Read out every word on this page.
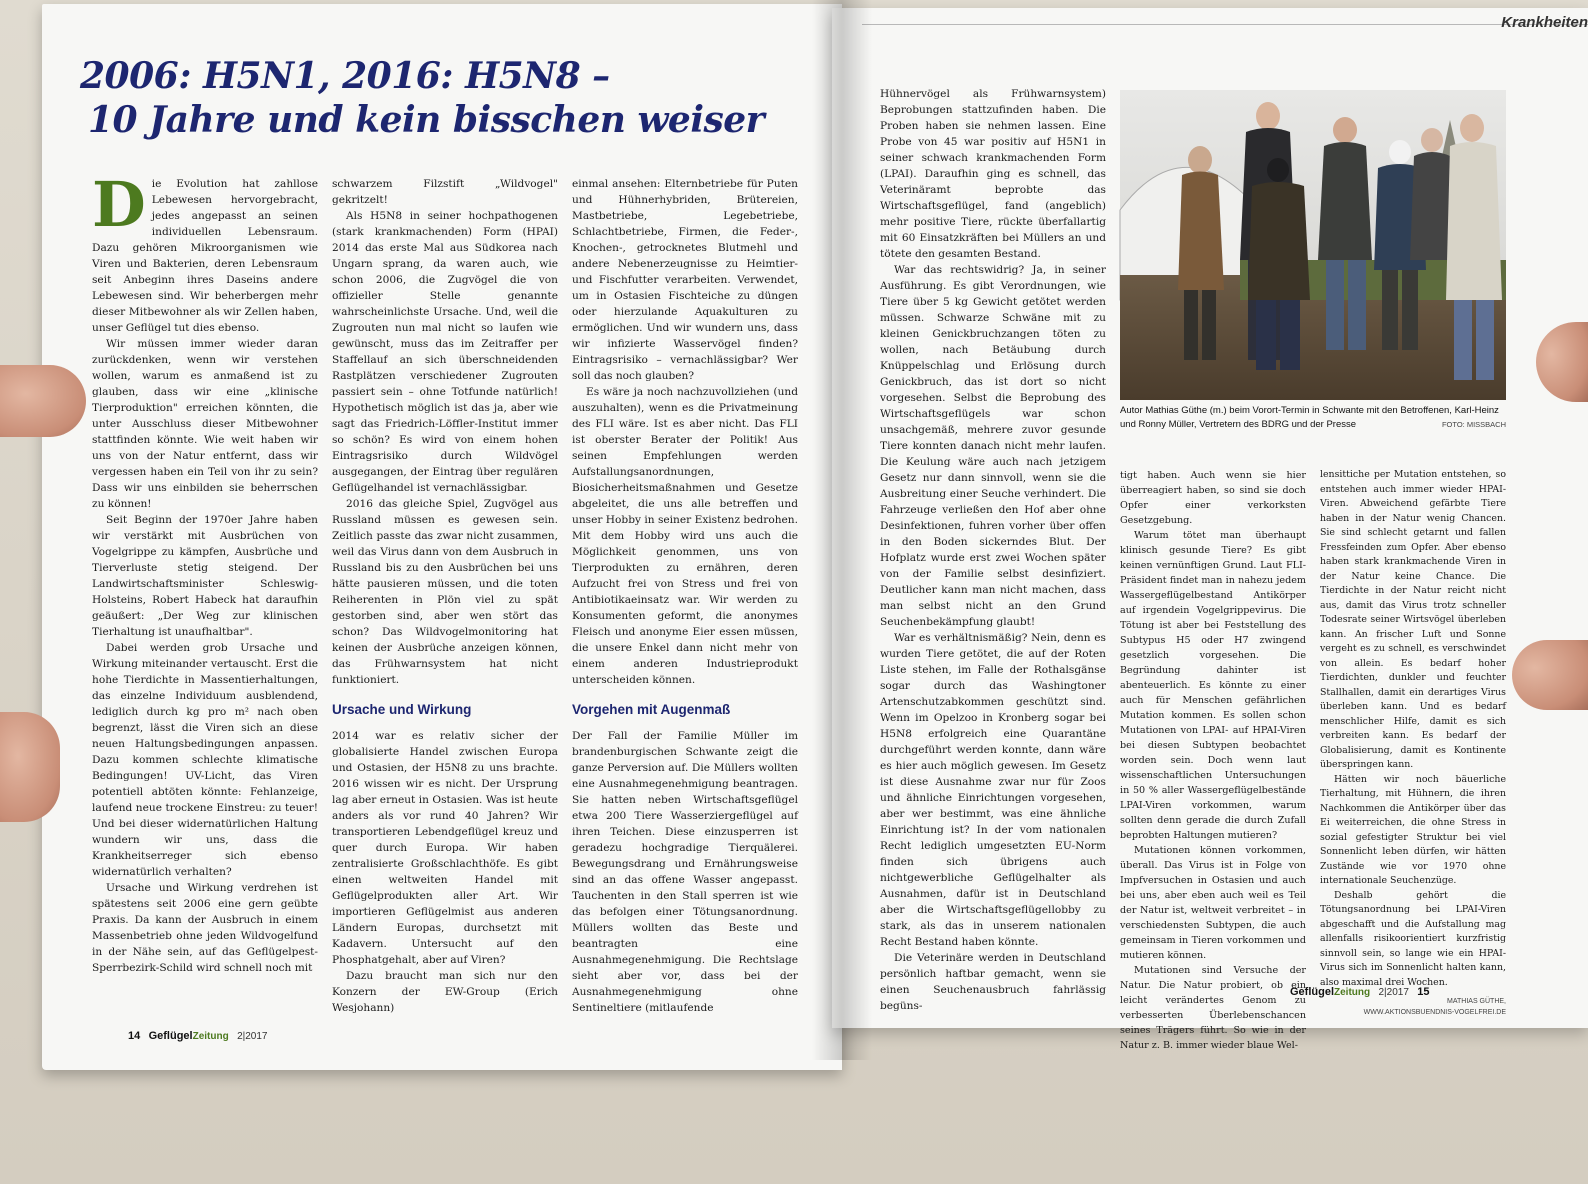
2006: H5N1, 2016: H5N8 –
10 Jahre und kein bisschen weiser

Die Evolution hat zahllose Lebewesen hervorgebracht, jedes angepasst an seinen individuellen Lebensraum. Dazu gehören Mikroorganismen wie Viren und Bakterien, deren Lebensraum seit Anbeginn ihres Daseins andere Lebewesen sind. Wir beherbergen mehr dieser Mitbewohner als wir Zellen haben, unser Geflügel tut dies ebenso.

Wir müssen immer wieder daran zurückdenken, wenn wir verstehen wollen, warum es anmaßend ist zu glauben, dass wir eine „klinische Tierproduktion" erreichen könnten, die unter Ausschluss dieser Mitbewohner stattfinden könnte. Wie weit haben wir uns von der Natur entfernt, dass wir vergessen haben ein Teil von ihr zu sein? Dass wir uns einbilden sie beherrschen zu können!

Seit Beginn der 1970er Jahre haben wir verstärkt mit Ausbrüchen von Vogelgrippe zu kämpfen, Ausbrüche und Tierverluste stetig steigend. Der Landwirtschaftsminister Schleswig-Holsteins, Robert Habeck hat daraufhin geäußert: „Der Weg zur klinischen Tierhaltung ist unaufhaltbar".

Dabei werden grob Ursache und Wirkung miteinander vertauscht. Erst die hohe Tierdichte in Massentierhaltungen, das einzelne Individuum ausblendend, lediglich durch kg pro m² nach oben begrenzt, lässt die Viren sich an diese neuen Haltungsbedingungen anpassen. Dazu kommen schlechte klimatische Bedingungen! UV-Licht, das Viren potentiell abtöten könnte: Fehlanzeige, laufend neue trockene Einstreu: zu teuer! Und bei dieser widernatürlichen Haltung wundern wir uns, dass die Krankheitserreger sich ebenso widernatürlich verhalten?

Ursache und Wirkung verdrehen ist spätestens seit 2006 eine gern geübte Praxis. Da kann der Ausbruch in einem Massenbetrieb ohne jeden Wildvogelfund in der Nähe sein, auf das Geflügelpest-Sperrbezirk-Schild wird schnell noch mit

schwarzem Filzstift „Wildvogel" gekritzelt!

Als H5N8 in seiner hochpathogenen (stark krankmachenden) Form (HPAI) 2014 das erste Mal aus Südkorea nach Ungarn sprang, da waren auch, wie schon 2006, die Zugvögel die von offizieller Stelle genannte wahrscheinlichste Ursache. Und, weil die Zugrouten nun mal nicht so laufen wie gewünscht, muss das im Zeitraffer per Staffellauf an sich überschneidenden Rastplätzen verschiedener Zugrouten passiert sein – ohne Totfunde natürlich! Hypothetisch möglich ist das ja, aber wie sagt das Friedrich-Löffler-Institut immer so schön? Es wird von einem hohen Eintragsrisiko durch Wildvögel ausgegangen, der Eintrag über regulären Geflügelhandel ist vernachlässigbar.

2016 das gleiche Spiel, Zugvögel aus Russland müssen es gewesen sein. Zeitlich passte das zwar nicht zusammen, weil das Virus dann von dem Ausbruch in Russland bis zu den Ausbrüchen bei uns hätte pausieren müssen, und die toten Reiherenten in Plön viel zu spät gestorben sind, aber wen stört das schon? Das Wildvogelmonitoring hat keinen der Ausbrüche anzeigen können, das Frühwarnsystem hat nicht funktioniert.

Ursache und Wirkung

2014 war es relativ sicher der globalisierte Handel zwischen Europa und Ostasien, der H5N8 zu uns brachte. 2016 wissen wir es nicht. Der Ursprung lag aber erneut in Ostasien. Was ist heute anders als vor rund 40 Jahren? Wir transportieren Lebendgeflügel kreuz und quer durch Europa. Wir haben zentralisierte Großschlachthöfe. Es gibt einen weltweiten Handel mit Geflügelprodukten aller Art. Wir importieren Geflügelmist aus anderen Ländern Europas, durchsetzt mit Kadavern. Untersucht auf den Phosphatgehalt, aber auf Viren?

Dazu braucht man sich nur den Konzern der EW-Group (Erich Wesjohann)

einmal ansehen: Elternbetriebe für Puten und Hühnerhybriden, Brütereien, Mastbetriebe, Legebetriebe, Schlachtbetriebe, Firmen, die Feder-, Knochen-, getrocknetes Blutmehl und andere Nebenerzeugnisse zu Heimtier- und Fischfutter verarbeiten. Verwendet, um in Ostasien Fischteiche zu düngen oder hierzulande Aquakulturen zu ermöglichen. Und wir wundern uns, dass wir infizierte Wasservögel finden? Eintragsrisiko – vernachlässigbar? Wer soll das noch glauben?

Es wäre ja noch nachzuvollziehen (und auszuhalten), wenn es die Privatmeinung des FLI wäre. Ist es aber nicht. Das FLI ist oberster Berater der Politik! Aus seinen Empfehlungen werden Aufstallungsanordnungen, Biosicherheitsmaßnahmen und Gesetze abgeleitet, die uns alle betreffen und unser Hobby in seiner Existenz bedrohen. Mit dem Hobby wird uns auch die Möglichkeit genommen, uns von Tierprodukten zu ernähren, deren Aufzucht frei von Stress und frei von Antibiotikaeinsatz war. Wir werden zu Konsumenten geformt, die anonymes Fleisch und anonyme Eier essen müssen, die unsere Enkel dann nicht mehr von einem anderen Industrieprodukt unterscheiden können.

Vorgehen mit Augenmaß

Der Fall der Familie Müller im brandenburgischen Schwante zeigt die ganze Perversion auf. Die Müllers wollten eine Ausnahmegenehmigung beantragen. Sie hatten neben Wirtschaftsgeflügel etwa 200 Tiere Wasserziergeflügel auf ihren Teichen. Diese einzusperren ist geradezu hochgradige Tierquälerei. Bewegungsdrang und Ernährungsweise sind an das offene Wasser angepasst. Tauchenten in den Stall sperren ist wie das befolgen einer Tötungsanordnung. Müllers wollten das Beste und beantragten eine Ausnahmegenehmigung. Die Rechtslage sieht aber vor, dass bei der Ausnahmegenehmigung ohne Sentineltiere (mitlaufende

14 GeflügelZeitung 2|2017
Krankheiten
Autor Mathias Güthe (m.) beim Vorort-Termin in Schwante mit den Betroffenen, Karl-Heinz und Ronny Müller, Vertretern des BDRG und der Presse	FOTO: MISSBACH

Hühnervögel als Frühwarnsystem) Beprobungen stattzufinden haben. Die Proben haben sie nehmen lassen. Eine Probe von 45 war positiv auf H5N1 in seiner schwach krankmachenden Form (LPAI). Daraufhin ging es schnell, das Veterinäramt beprobte das Wirtschaftsgeflügel, fand (angeblich) mehr positive Tiere, rückte überfallartig mit 60 Einsatzkräften bei Müllers an und tötete den gesamten Bestand.

War das rechtswidrig? Ja, in seiner Ausführung. Es gibt Verordnungen, wie Tiere über 5 kg Gewicht getötet werden müssen. Schwarze Schwäne mit zu kleinen Genickbruchzangen töten zu wollen, nach Betäubung durch Knüppelschlag und Erlösung durch Genickbruch, das ist dort so nicht vorgesehen. Selbst die Beprobung des Wirtschaftsgeflügels war schon unsachgemäß, mehrere zuvor gesunde Tiere konnten danach nicht mehr laufen. Die Keulung wäre auch nach jetzigem Gesetz nur dann sinnvoll, wenn sie die Ausbreitung einer Seuche verhindert. Die Fahrzeuge verließen den Hof aber ohne Desinfektionen, fuhren vorher über offen in den Boden sickerndes Blut. Der Hofplatz wurde erst zwei Wochen später von der Familie selbst desinfiziert. Deutlicher kann man nicht machen, dass man selbst nicht an den Grund Seuchenbekämpfung glaubt!

War es verhältnismäßig? Nein, denn es wurden Tiere getötet, die auf der Roten Liste stehen, im Falle der Rothalsgänse sogar durch das Washingtoner Artenschutzabkommen geschützt sind. Wenn im Opelzoo in Kronberg sogar bei H5N8 erfolgreich eine Quarantäne durchgeführt werden konnte, dann wäre es hier auch möglich gewesen. Im Gesetz ist diese Ausnahme zwar nur für Zoos und ähnliche Einrichtungen vorgesehen, aber wer bestimmt, was eine ähnliche Einrichtung ist? In der vom nationalen Recht lediglich umgesetzten EU-Norm finden sich übrigens auch nichtgewerbliche Geflügelhalter als Ausnahmen, dafür ist in Deutschland aber die Wirtschaftsgeflügellobby zu stark, als das in unserem nationalen Recht Bestand haben könnte.

Die Veterinäre werden in Deutschland persönlich haftbar gemacht, wenn sie einen Seuchenausbruch fahrlässig begüns-

tigt haben. Auch wenn sie hier überreagiert haben, so sind sie doch Opfer einer verkorksten Gesetzgebung.

Warum tötet man überhaupt klinisch gesunde Tiere? Es gibt keinen vernünftigen Grund. Laut FLI-Präsident findet man in nahezu jedem Wassergeflügelbestand Antikörper auf irgendein Vogelgrippevirus. Die Tötung ist aber bei Feststellung des Subtypus H5 oder H7 zwingend gesetzlich vorgesehen. Die Begründung dahinter ist abenteuerlich. Es könnte zu einer auch für Menschen gefährlichen Mutation kommen. Es sollen schon Mutationen von LPAI- auf HPAI-Viren bei diesen Subtypen beobachtet worden sein. Doch wenn laut wissenschaftlichen Untersuchungen in 50 % aller Wassergeflügelbestände LPAI-Viren vorkommen, warum sollten denn gerade die durch Zufall beprobten Haltungen mutieren?

Mutationen können vorkommen, überall. Das Virus ist in Folge von Impfversuchen in Ostasien und auch bei uns, aber eben auch weil es Teil der Natur ist, weltweit verbreitet – in verschiedensten Subtypen, die auch gemeinsam in Tieren vorkommen und mutieren können.

Mutationen sind Versuche der Natur. Die Natur probiert, ob ein leicht verändertes Genom zu verbesserten Überlebenschancen seines Trägers führt. So wie in der Natur z. B. immer wieder blaue Wel-

lensittiche per Mutation entstehen, so entstehen auch immer wieder HPAI-Viren. Abweichend gefärbte Tiere haben in der Natur wenig Chancen. Sie sind schlecht getarnt und fallen Fressfeinden zum Opfer. Aber ebenso haben stark krankmachende Viren in der Natur keine Chance. Die Tierdichte in der Natur reicht nicht aus, damit das Virus trotz schneller Todesrate seiner Wirtsvögel überleben kann. An frischer Luft und Sonne vergeht es zu schnell, es verschwindet von allein. Es bedarf hoher Tierdichten, dunkler und feuchter Stallhallen, damit ein derartiges Virus überleben kann. Und es bedarf menschlicher Hilfe, damit es sich verbreiten kann. Es bedarf der Globalisierung, damit es Kontinente überspringen kann.

Hätten wir noch bäuerliche Tierhaltung, mit Hühnern, die ihren Nachkommen die Antikörper über das Ei weiterreichen, die ohne Stress in sozial gefestigter Struktur bei viel Sonnenlicht leben dürfen, wir hätten Zustände wie vor 1970 ohne internationale Seuchenzüge.

Deshalb gehört die Tötungsanordnung bei LPAI-Viren abgeschafft und die Aufstallung mag allenfalls risikoorientiert kurzfristig sinnvoll sein, so lange wie ein HPAI-Virus sich im Sonnenlicht halten kann, also maximal drei Wochen.

MATHIAS GÜTHE,
WWW.AKTIONSBUENDNIS-VOGELFREI.DE
GeflügelZeitung 2|2017 15
